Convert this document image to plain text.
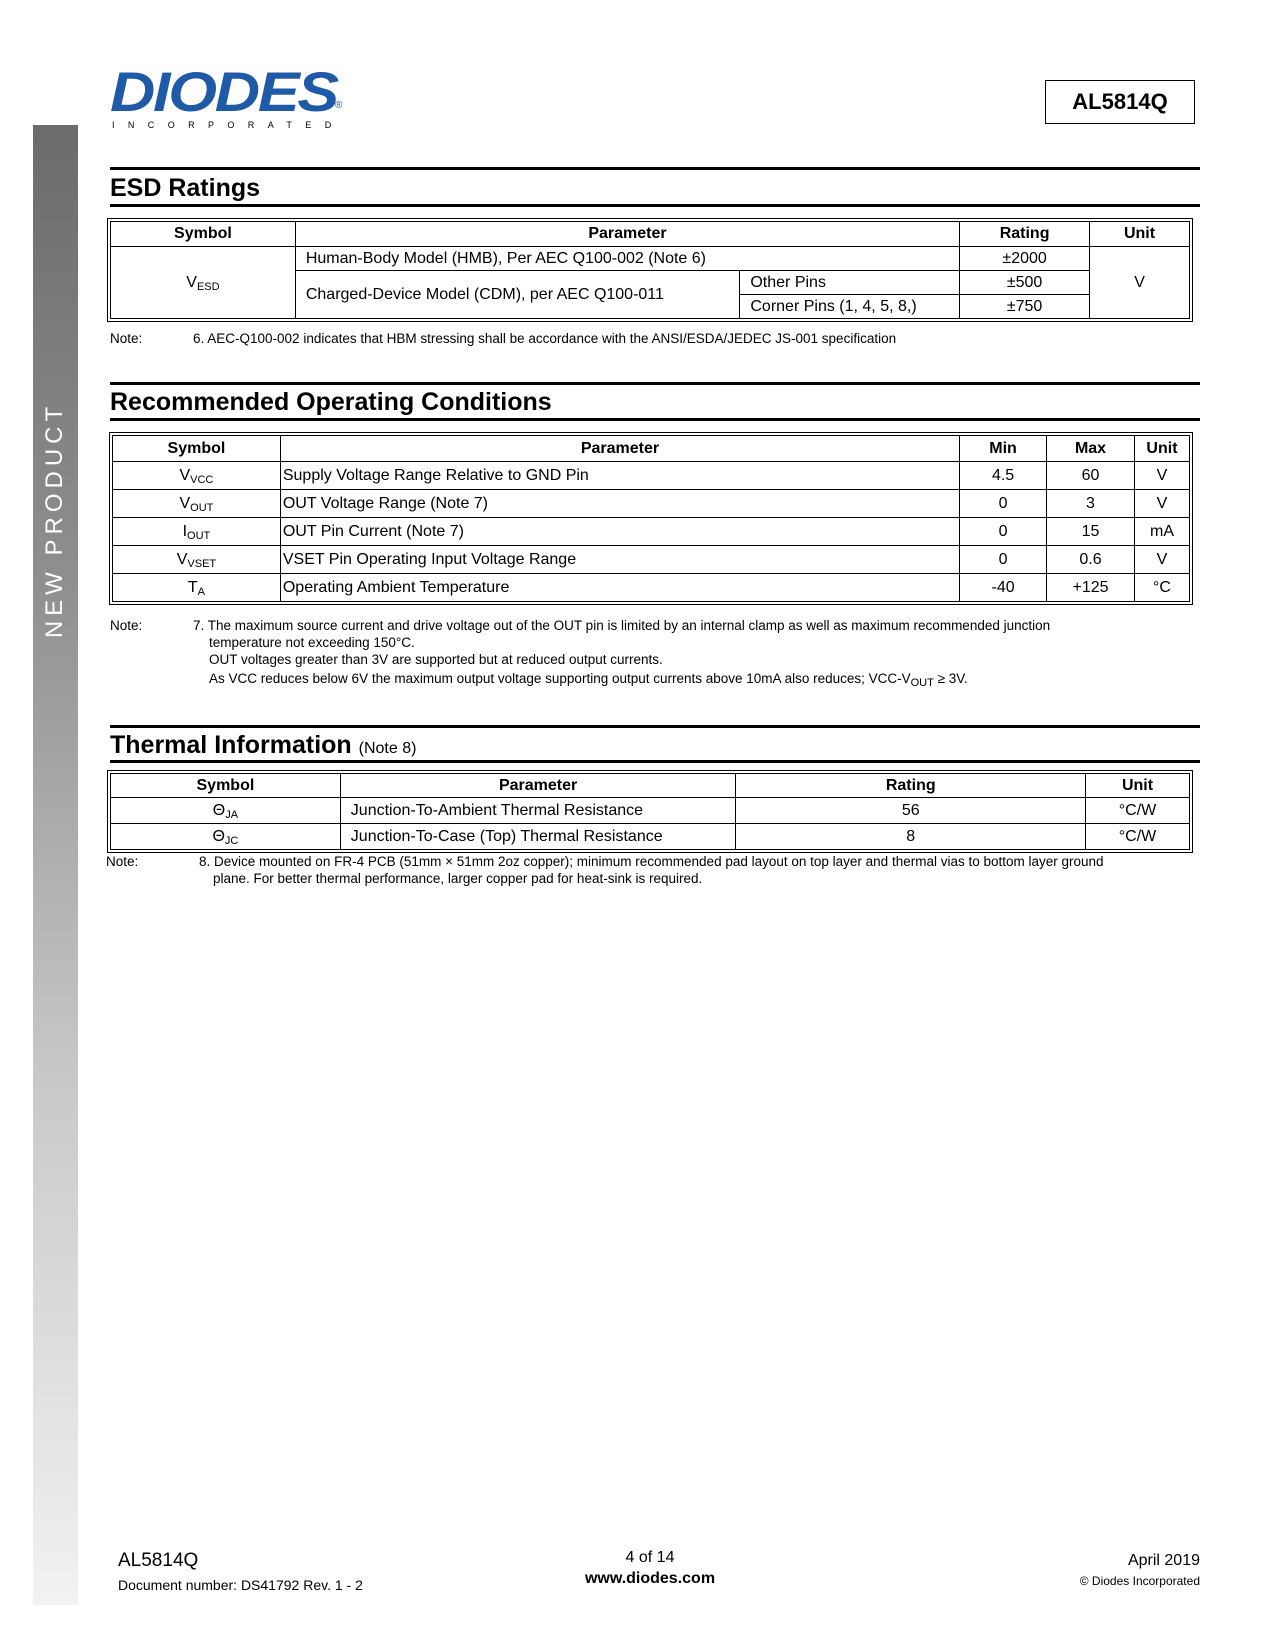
NEW PRODUCT
DIODES
®
INCORPORATED
AL5814Q
ESD Ratings
Symbol	Parameter		Rating	Unit
$V_{ESD}$	Human-Body Model (HMB), Per AEC Q100-002 (Note 6)		±2000	V
	Charged-Device Model (CDM), per AEC Q100-011	Other Pins	±500	
		Corner Pins (1, 4, 5, 8,)	±750	
Note:	6. AEC-Q100-002 indicates that HBM stressing shall be accordance with the ANSI/ESDA/JEDEC JS-001 specification
Recommended Operating Conditions
Symbol	Parameter	Min	Max	Unit
$V_{VCC}$	Supply Voltage Range Relative to GND Pin	4.5	60	V
$V_{OUT}$	OUT Voltage Range (Note 7)	0	3	V
$I_{OUT}$	OUT Pin Current (Note 7)	0	15	mA
$V_{VSET}$	VSET Pin Operating Input Voltage Range	0	0.6	V
$T_A$	Operating Ambient Temperature	-40	+125	°C
Note:	7. The maximum source current and drive voltage out of the OUT pin is limited by an internal clamp as well as maximum recommended junction
temperature not exceeding 150°C.
OUT voltages greater than 3V are supported but at reduced output currents.
As VCC reduces below 6V the maximum output voltage supporting output currents above 10mA also reduces; VCC-$V_{OUT} \ge 3V$.
Thermal Information (Note 8)
Symbol	Parameter	Rating	Unit
$\Theta_{JA}$	Junction-To-Ambient Thermal Resistance	56	°C/W
$\Theta_{JC}$	Junction-To-Case (Top) Thermal Resistance	8	°C/W
Note:	8. Device mounted on FR-4 PCB (51mm × 51mm 2oz copper); minimum recommended pad layout on top layer and thermal vias to bottom layer ground
plane. For better thermal performance, larger copper pad for heat-sink is required.
AL5814Q
Document number: DS41792 Rev. 1 - 2
4 of 14
www.diodes.com
April 2019
© Diodes Incorporated
